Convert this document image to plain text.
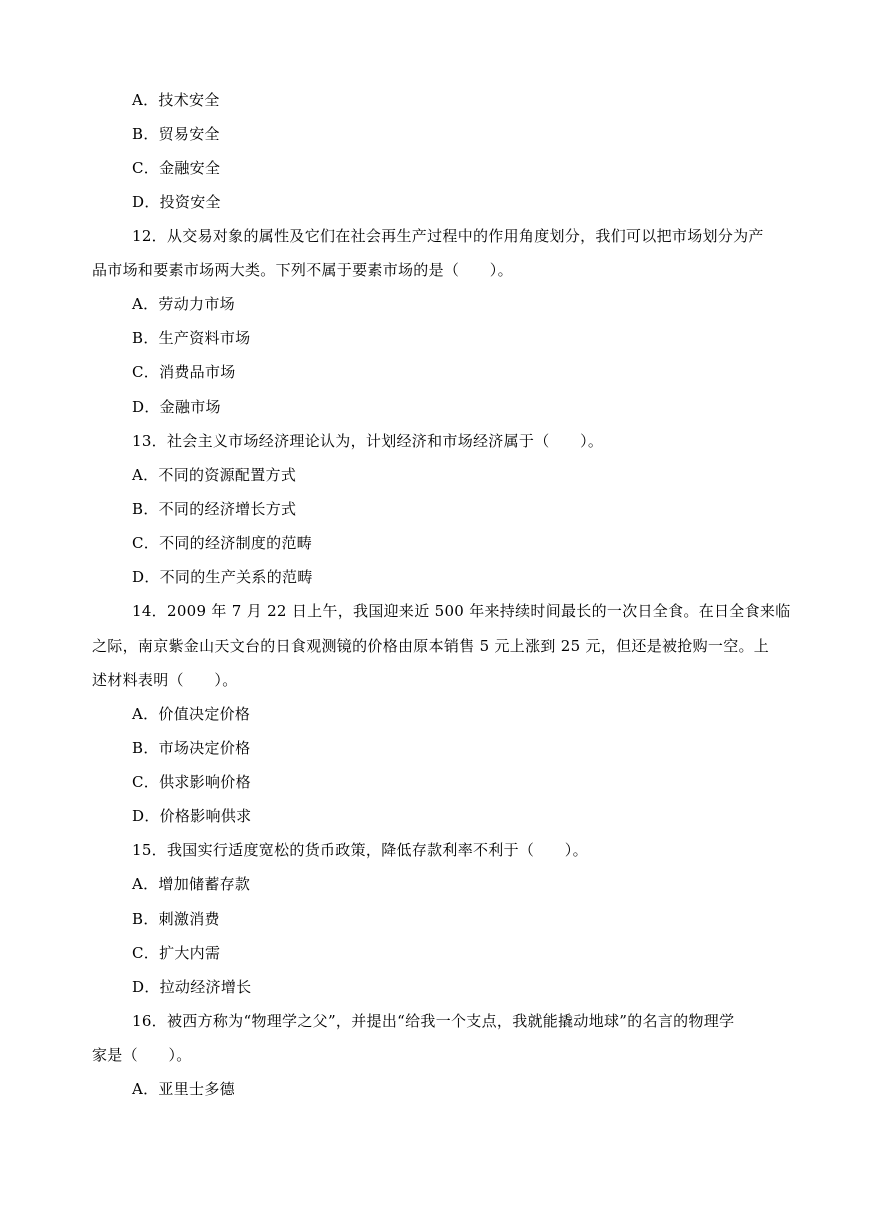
A．技术安全
B．贸易安全
C．金融安全
D．投资安全
12．从交易对象的属性及它们在社会再生产过程中的作用角度划分，我们可以把市场划分为产
品市场和要素市场两大类。下列不属于要素市场的是（　　）。
A．劳动力市场
B．生产资料市场
C．消费品市场
D．金融市场
13．社会主义市场经济理论认为，计划经济和市场经济属于（　　）。
A．不同的资源配置方式
B．不同的经济增长方式
C．不同的经济制度的范畴
D．不同的生产关系的范畴
14．2009 年 7 月 22 日上午，我国迎来近 500 年来持续时间最长的一次日全食。在日全食来临
之际，南京紫金山天文台的日食观测镜的价格由原本销售 5 元上涨到 25 元，但还是被抢购一空。上
述材料表明（　　）。
A．价值决定价格
B．市场决定价格
C．供求影响价格
D．价格影响供求
15．我国实行适度宽松的货币政策，降低存款利率不利于（　　）。
A．增加储蓄存款
B．刺激消费
C．扩大内需
D．拉动经济增长
16．被西方称为“物理学之父”，并提出“给我一个支点，我就能撬动地球”的名言的物理学
家是（　　）。
A．亚里士多德
